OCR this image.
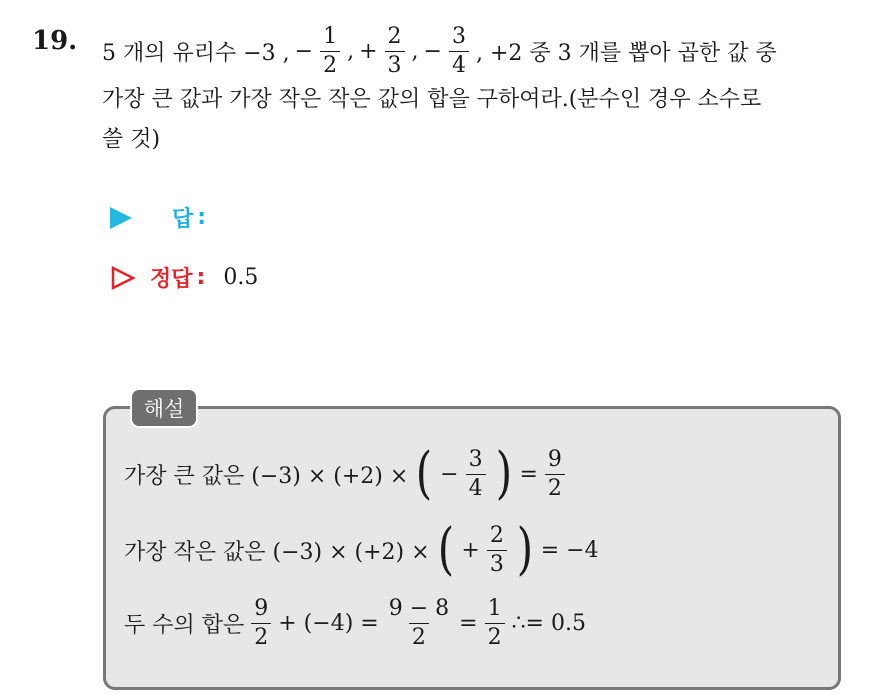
19. 5 개의 유리수 −3 , − $\frac{1}{2}$ , + $\frac{2}{3}$ , − $\frac{3}{4}$ , +2 중 3 개를 뽑아 곱한 값 중
가장 큰 값과 가장 작은 작은 값의 합을 구하여라.(분수인 경우 소수로
쓸 것)
답 :
정답 : 0.5
해설
가장 큰 값은 (−3) × (+2) × ( − $\frac{3}{4}$ ) = $\frac{9}{2}$
가장 작은 값은 (−3) × (+2) × ( + $\frac{2}{3}$ ) = −4
두 수의 합은 $\frac{9}{2} + (-4) = \frac{9 - 8}{2} = \frac{1}{2}$ ∴= 0.5
